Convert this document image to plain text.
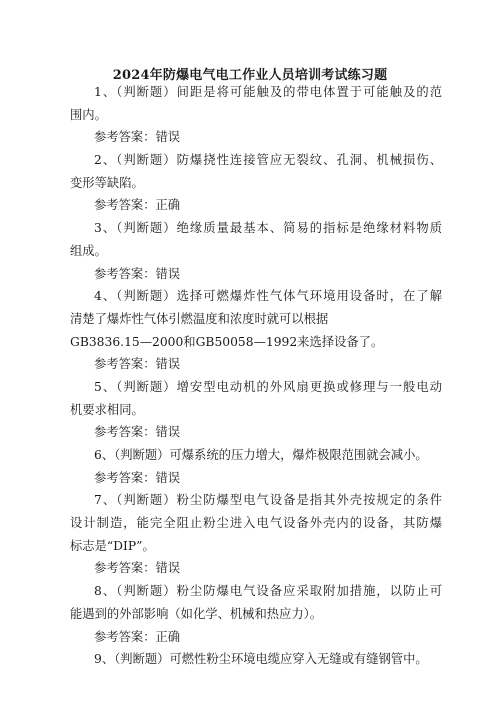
2024年防爆电气电工作业人员培训考试练习题
1、（判断题）间距是将可能触及的带电体置于可能触及的范
围内。
参考答案：错误
2、（判断题）防爆挠性连接管应无裂纹、孔洞、机械损伤、
变形等缺陷。
参考答案：正确
3、（判断题）绝缘质量最基本、简易的指标是绝缘材料物质
组成。
参考答案：错误
4、（判断题）选择可燃爆炸性气体气环境用设备时，在了解
清楚了爆炸性气体引燃温度和浓度时就可以根据
GB3836.15—2000和GB50058—1992来选择设备了。
参考答案：错误
5、（判断题）增安型电动机的外风扇更换或修理与一般电动
机要求相同。
参考答案：错误
6、（判断题）可爆系统的压力增大，爆炸极限范围就会减小。
参考答案：错误
7、（判断题）粉尘防爆型电气设备是指其外壳按规定的条件
设计制造，能完全阻止粉尘进入电气设备外壳内的设备，其防爆
标志是“DIP”。
参考答案：错误
8、（判断题）粉尘防爆电气设备应采取附加措施，以防止可
能遇到的外部影响（如化学、机械和热应力）。
参考答案：正确
9、（判断题）可燃性粉尘环境电缆应穿入无缝或有缝钢管中。
